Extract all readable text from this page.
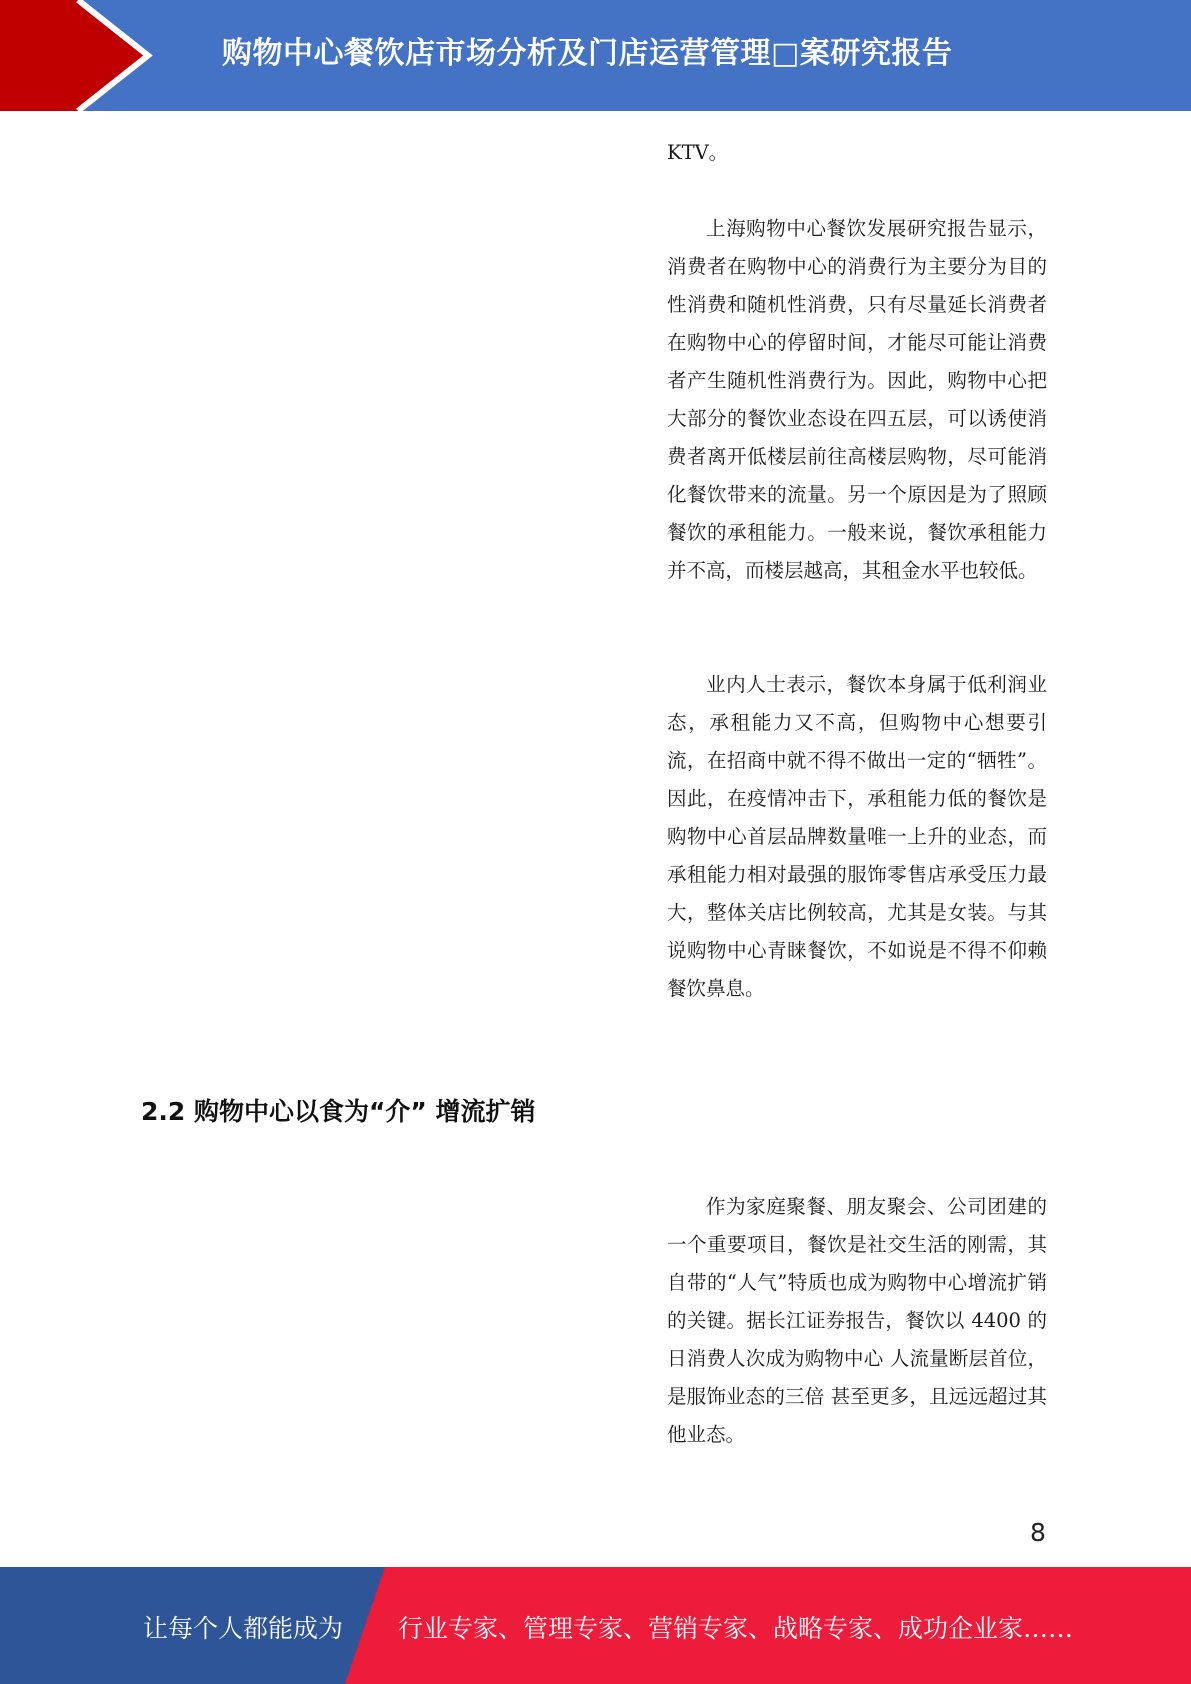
购物中心餐饮店市场分析及门店运营管理□案研究报告

KTV。

上海购物中心餐饮发展研究报告显示，消费者在购物中心的消费行为主要分为目的性消费和随机性消费，只有尽量延长消费者在购物中心的停留时间，才能尽可能让消费者产生随机性消费行为。因此，购物中心把大部分的餐饮业态设在四五层，可以诱使消费者离开低楼层前往高楼层购物，尽可能消化餐饮带来的流量。另一个原因是为了照顾餐饮的承租能力。一般来说，餐饮承租能力并不高，而楼层越高，其租金水平也较低。

业内人士表示，餐饮本身属于低利润业态，承租能力又不高，但购物中心想要引流，在招商中就不得不做出一定的“牺牲”。因此，在疫情冲击下，承租能力低的餐饮是购物中心首层品牌数量唯一上升的业态，而承租能力相对最强的服饰零售店承受压力最大，整体关店比例较高，尤其是女装。与其说购物中心青睐餐饮，不如说是不得不仰赖餐饮鼻息。

2.2 购物中心以食为“介” 增流扩销

作为家庭聚餐、朋友聚会、公司团建的一个重要项目，餐饮是社交生活的刚需，其自带的“人气”特质也成为购物中心增流扩销的关键。据长江证券报告，餐饮以 4400 的日消费人次成为购物中心 人流量断层首位，是服饰业态的三倍 甚至更多，且远远超过其他业态。

8
让每个人都能成为 行业专家、管理专家、营销专家、战略专家、成功企业家……
